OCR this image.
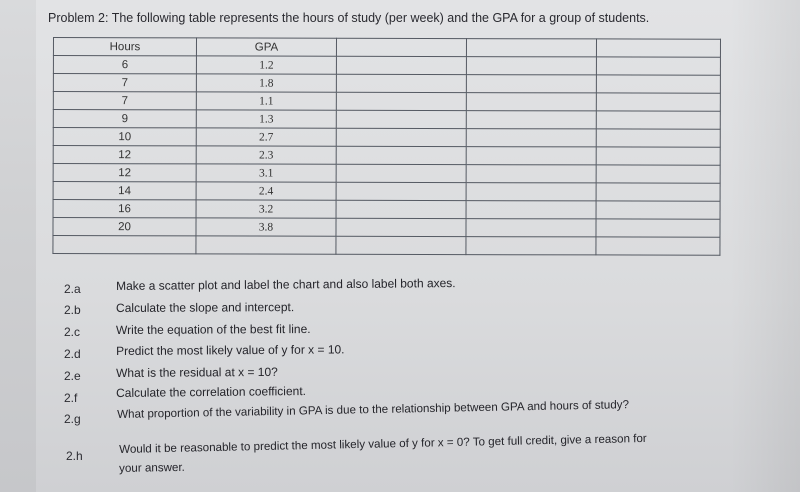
Problem 2: The following table represents the hours of study (per week) and the GPA for a group of students.
Hours	GPA			
6	1.2			
7	1.8			
7	1.1			
9	1.3			
10	2.7			
12	2.3			
12	3.1			
14	2.4			
16	3.2			
20	3.8			

2.a	Make a scatter plot and label the chart and also label both axes.
2.b	Calculate the slope and intercept.
2.c	Write the equation of the best fit line.
2.d	Predict the most likely value of y for x = 10.
2.e	What is the residual at x = 10?
2.f	Calculate the correlation coefficient.
2.g	What proportion of the variability in GPA is due to the relationship between GPA and hours of study?
2.h
Would it be reasonable to predict the most likely value of y for x = 0? To get full credit, give a reason for
your answer.
